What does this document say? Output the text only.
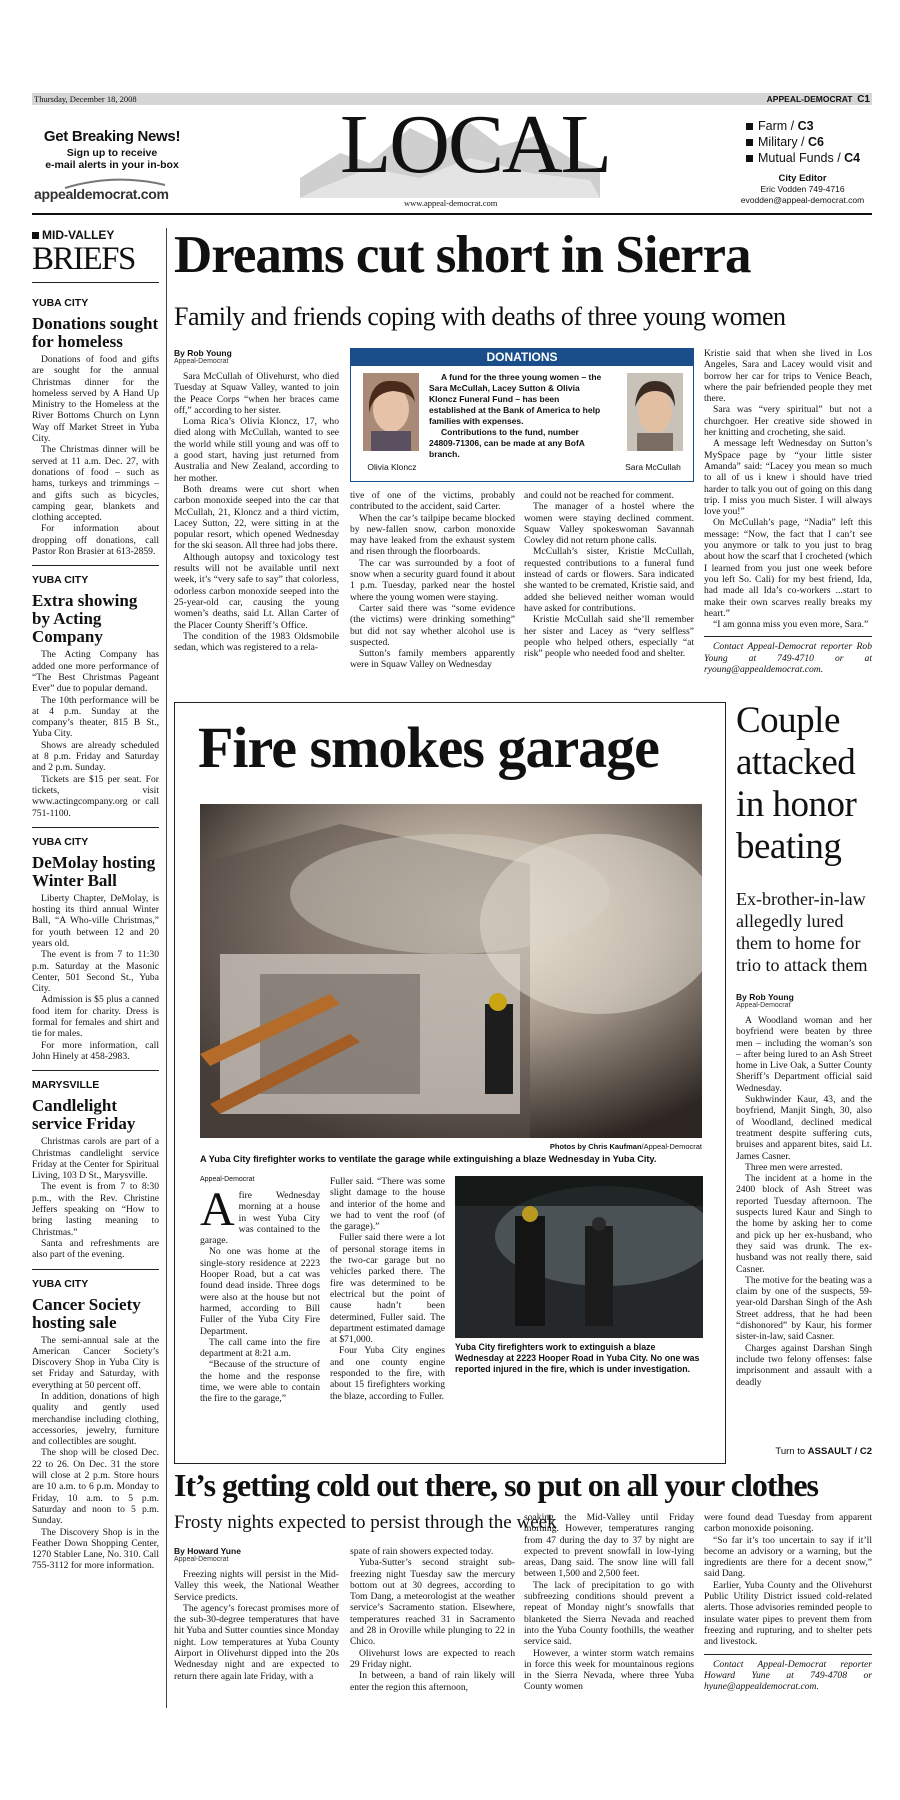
Thursday, December 18, 2008	APPEAL-DEMOCRAT C1
Get Breaking News!
Sign up to receive
e-mail alerts in your in-box
appealdemocrat.com
LOCAL
www.appeal-democrat.com
Farm / C3
Military / C6
Mutual Funds / C4
City Editor
Eric Vodden 749-4716
evodden@appeal-democrat.com
MID-VALLEY
BRIEFS
YUBA CITY
Donations sought for homeless

Donations of food and gifts are sought for the annual Christmas dinner for the homeless served by A Hand Up Ministry to the Homeless at the River Bottoms Church on Lynn Way off Market Street in Yuba City.

The Christmas dinner will be served at 11 a.m. Dec. 27, with donations of food – such as hams, turkeys and trimmings – and gifts such as bicycles, camping gear, blankets and clothing accepted.

For information about dropping off donations, call Pastor Ron Brasier at 613-2859.

YUBA CITY
Extra showing by Acting Company

The Acting Company has added one more performance of “The Best Christmas Pageant Ever” due to popular demand.

The 10th performance will be at 4 p.m. Sunday at the company’s theater, 815 B St., Yuba City.

Shows are already scheduled at 8 p.m. Friday and Saturday and 2 p.m. Sunday.

Tickets are $15 per seat. For tickets, visit www.actingcompany.org or call 751-1100.

YUBA CITY
DeMolay hosting Winter Ball

Liberty Chapter, DeMolay, is hosting its third annual Winter Ball, “A Who-ville Christmas,” for youth between 12 and 20 years old.

The event is from 7 to 11:30 p.m. Saturday at the Masonic Center, 501 Second St., Yuba City.

Admission is $5 plus a canned food item for charity. Dress is formal for females and shirt and tie for males.

For more information, call John Hinely at 458-2983.

MARYSVILLE
Candlelight service Friday

Christmas carols are part of a Christmas candlelight service Friday at the Center for Spiritual Living, 103 D St., Marysville.

The event is from 7 to 8:30 p.m., with the Rev. Christine Jeffers speaking on “How to bring lasting meaning to Christmas.”

Santa and refreshments are also part of the evening.

YUBA CITY
Cancer Society hosting sale

The semi-annual sale at the American Cancer Society’s Discovery Shop in Yuba City is set Friday and Saturday, with everything at 50 percent off.

In addition, donations of high quality and gently used merchandise including clothing, accessories, jewelry, furniture and collectibles are sought.

The shop will be closed Dec. 22 to 26. On Dec. 31 the store will close at 2 p.m. Store hours are 10 a.m. to 6 p.m. Monday to Friday, 10 a.m. to 5 p.m. Saturday and noon to 5 p.m. Sunday.

The Discovery Shop is in the Feather Down Shopping Center, 1270 Stabler Lane, No. 310. Call 755-3112 for more information.

Dreams cut short in Sierra
Family and friends coping with deaths of three young women
By Rob Young
Appeal-Democrat

Sara McCullah of Olivehurst, who died Tuesday at Squaw Valley, wanted to join the Peace Corps “when her braces came off,” according to her sister.

Loma Rica’s Olivia Kloncz, 17, who died along with McCullah, wanted to see the world while still young and was off to a good start, having just returned from Australia and New Zealand, according to her mother.

Both dreams were cut short when carbon monoxide seeped into the car that McCullah, 21, Kloncz and a third victim, Lacey Sutton, 22, were sitting in at the popular resort, which opened Wednesday for the ski season. All three had jobs there.

Although autopsy and toxicology test results will not be available until next week, it’s “very safe to say” that colorless, odorless carbon monoxide seeped into the 25-year-old car, causing the young women’s deaths, said Lt. Allan Carter of the Placer County Sheriff’s Office.

The condition of the 1983 Oldsmobile sedan, which was registered to a rela-

DONATIONS
Olivia Kloncz
A fund for the three young women – the Sara McCullah, Lacey Sutton & Olivia Kloncz Funeral Fund – has been established at the Bank of America to help families with expenses.
Contributions to the fund, number 24809-71306, can be made at any BofA branch.
Sara McCullah

tive of one of the victims, probably contributed to the accident, said Carter.

When the car’s tailpipe became blocked by new-fallen snow, carbon monoxide may have leaked from the exhaust system and risen through the floorboards.

The car was surrounded by a foot of snow when a security guard found it about 1 p.m. Tuesday, parked near the hostel where the young women were staying.

Carter said there was “some evidence (the victims) were drinking something” but did not say whether alcohol use is suspected.

Sutton’s family members apparently were in Squaw Valley on Wednesday

and could not be reached for comment.

The manager of a hostel where the women were staying declined comment. Squaw Valley spokeswoman Savannah Cowley did not return phone calls.

McCullah’s sister, Kristie McCullah, requested contributions to a funeral fund instead of cards or flowers. Sara indicated she wanted to be cremated, Kristie said, and added she believed neither woman would have asked for contributions.

Kristie McCullah said she’ll remember her sister and Lacey as “very selfless” people who helped others, especially “at risk” people who needed food and shelter.

Kristie said that when she lived in Los Angeles, Sara and Lacey would visit and borrow her car for trips to Venice Beach, where the pair befriended people they met there.

Sara was “very spiritual” but not a churchgoer. Her creative side showed in her knitting and crocheting, she said.

A message left Wednesday on Sutton’s MySpace page by “your little sister Amanda” said: “Lacey you mean so much to all of us i knew i should have tried harder to talk you out of going on this dang trip. I miss you much Sister. I will always love you!”

On McCullah’s page, “Nadia” left this message: “Now, the fact that I can’t see you anymore or talk to you just to brag about how the scarf that I crocheted (which I learned from you just one week before you left So. Cali) for my best friend, Ida, had made all Ida’s co-workers ...start to make their own scarves really breaks my heart.”

“I am gonna miss you even more, Sara.”

Contact Appeal-Democrat reporter Rob Young at 749-4710 or at ryoung@appealdemocrat.com.

Fire smokes garage
Photos by Chris Kaufman/Appeal-Democrat
A Yuba City firefighter works to ventilate the garage while extinguishing a blaze Wednesday in Yuba City.
Appeal-Democrat
A fire Wednesday morning at a house in west Yuba City was contained to the garage.

No one was home at the single-story residence at 2223 Hooper Road, but a cat was found dead inside. Three dogs were also at the house but not harmed, according to Bill Fuller of the Yuba City Fire Department.

The call came into the fire department at 8:21 a.m.

“Because of the structure of the home and the response time, we were able to contain the fire to the garage,”

Fuller said. “There was some slight damage to the house and interior of the home and we had to vent the roof (of the garage).”

Fuller said there were a lot of personal storage items in the two-car garage but no vehicles parked there. The fire was determined to be electrical but the point of cause hadn’t been determined, Fuller said. The department estimated damage at $71,000.

Four Yuba City engines and one county engine responded to the fire, with about 15 firefighters working the blaze, according to Fuller.

Yuba City firefighters work to extinguish a blaze Wednesday at 2223 Hooper Road in Yuba City. No one was reported injured in the fire, which is under investigation.
Couple attacked in honor beating
Ex-brother-in-law allegedly lured them to home for trio to attack them
By Rob Young
Appeal-Democrat

A Woodland woman and her boyfriend were beaten by three men – including the woman’s son – after being lured to an Ash Street home in Live Oak, a Sutter County Sheriff’s Department official said Wednesday.

Sukhwinder Kaur, 43, and the boyfriend, Manjit Singh, 30, also of Woodland, declined medical treatment despite suffering cuts, bruises and apparent bites, said Lt. James Casner.

Three men were arrested.

The incident at a home in the 2400 block of Ash Street was reported Tuesday afternoon. The suspects lured Kaur and Singh to the home by asking her to come and pick up her ex-husband, who they said was drunk. The ex-husband was not really there, said Casner.

The motive for the beating was a claim by one of the suspects, 59-year-old Darshan Singh of the Ash Street address, that he had been “dishonored” by Kaur, his former sister-in-law, said Casner.

Charges against Darshan Singh include two felony offenses: false imprisonment and assault with a deadly

Turn to ASSAULT / C2
It’s getting cold out there, so put on all your clothes
Frosty nights expected to persist through the week
By Howard Yune
Appeal-Democrat

Freezing nights will persist in the Mid-Valley this week, the National Weather Service predicts.

The agency’s forecast promises more of the sub-30-degree temperatures that have hit Yuba and Sutter counties since Monday night. Low temperatures at Yuba County Airport in Olivehurst dipped into the 20s Wednesday night and are expected to return there again late Friday, with a

spate of rain showers expected today.

Yuba-Sutter’s second straight sub-freezing night Tuesday saw the mercury bottom out at 30 degrees, according to Tom Dang, a meteorologist at the weather service’s Sacramento station. Elsewhere, temperatures reached 31 in Sacramento and 28 in Oroville while plunging to 22 in Chico.

Olivehurst lows are expected to reach 29 Friday night.

In between, a band of rain likely will enter the region this afternoon,

soaking the Mid-Valley until Friday morning. However, temperatures ranging from 47 during the day to 37 by night are expected to prevent snowfall in low-lying areas, Dang said. The snow line will fall between 1,500 and 2,500 feet.

The lack of precipitation to go with subfreezing conditions should prevent a repeat of Monday night’s snowfalls that blanketed the Sierra Nevada and reached into the Yuba County foothills, the weather service said.

However, a winter storm watch remains in force this week for mountainous regions in the Sierra Nevada, where three Yuba County women

were found dead Tuesday from apparent carbon monoxide poisoning.

“So far it’s too uncertain to say if it’ll become an advisory or a warning, but the ingredients are there for a decent snow,” said Dang.

Earlier, Yuba County and the Olivehurst Public Utility District issued cold-related alerts. Those advisories reminded people to insulate water pipes to prevent them from freezing and rupturing, and to shelter pets and livestock.

Contact Appeal-Democrat reporter Howard Yune at 749-4708 or hyune@appealdemocrat.com.
